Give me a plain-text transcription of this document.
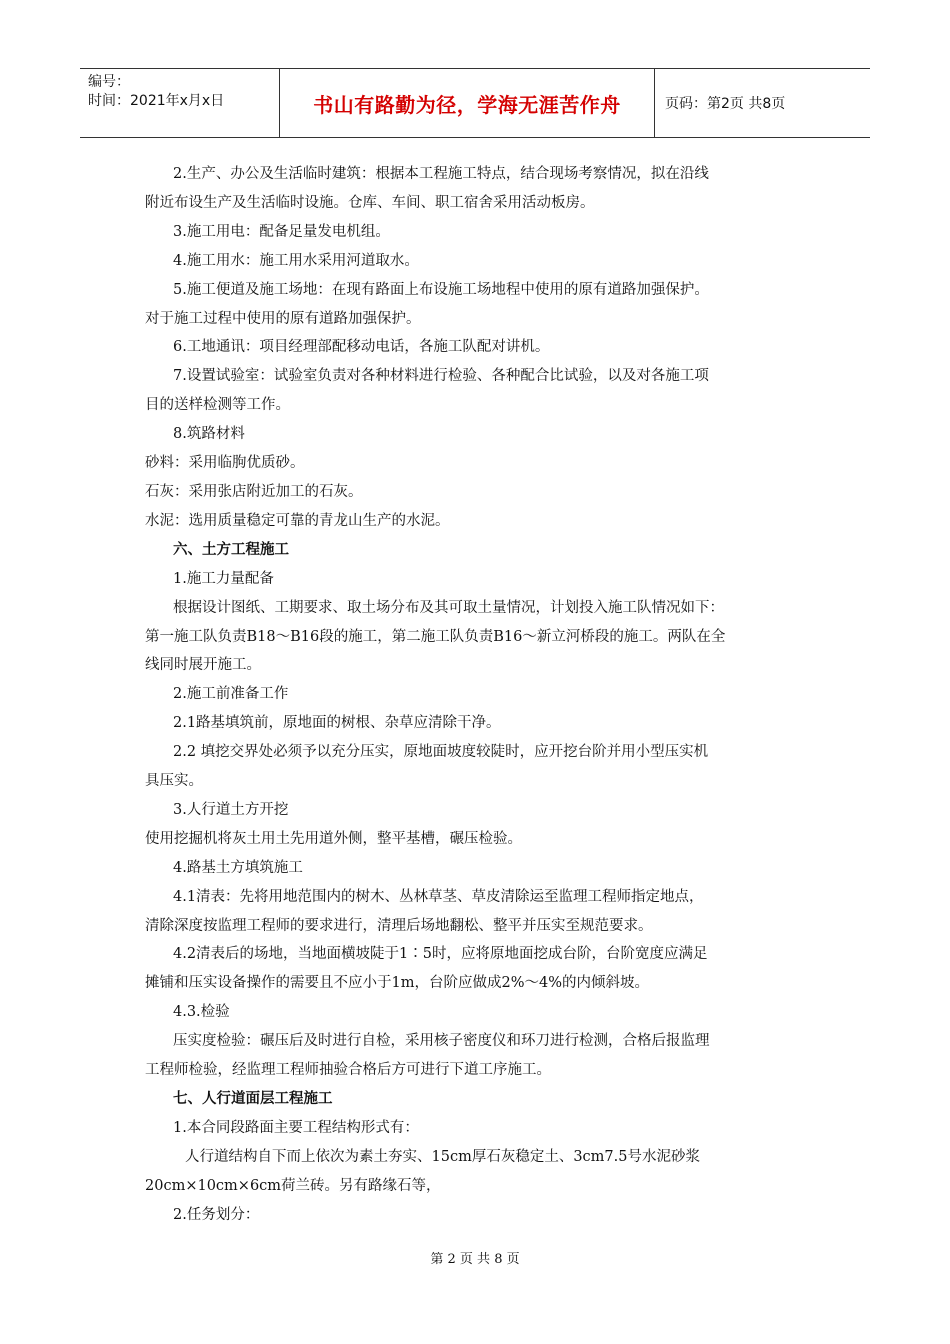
编号：
时间：2021年x月x日	书山有路勤为径，学海无涯苦作舟	页码：第2页 共8页

2.生产、办公及生活临时建筑：根据本工程施工特点，结合现场考察情况，拟在沿线

附近布设生产及生活临时设施。仓库、车间、职工宿舍采用活动板房。

3.施工用电：配备足量发电机组。

4.施工用水：施工用水采用河道取水。

5.施工便道及施工场地：在现有路面上布设施工场地程中使用的原有道路加强保护。

对于施工过程中使用的原有道路加强保护。

6.工地通讯：项目经理部配移动电话，各施工队配对讲机。

7.设置试验室：试验室负责对各种材料进行检验、各种配合比试验，以及对各施工项

目的送样检测等工作。

8.筑路材料

砂料：采用临朐优质砂。

石灰：采用张店附近加工的石灰。

水泥：选用质量稳定可靠的青龙山生产的水泥。

六、土方工程施工

1.施工力量配备

根据设计图纸、工期要求、取土场分布及其可取土量情况，计划投入施工队情况如下：

第一施工队负责B18～B16段的施工，第二施工队负责B16～新立河桥段的施工。两队在全

线同时展开施工。

2.施工前准备工作

2.1路基填筑前，原地面的树根、杂草应清除干净。

2.2 填挖交界处必须予以充分压实，原地面坡度较陡时，应开挖台阶并用小型压实机

具压实。

3.人行道土方开挖

使用挖掘机将灰土用土先用道外侧，整平基槽，碾压检验。

4.路基土方填筑施工

4.1清表：先将用地范围内的树木、丛林草茎、草皮清除运至监理工程师指定地点，

清除深度按监理工程师的要求进行，清理后场地翻松、整平并压实至规范要求。

4.2清表后的场地，当地面横坡陡于1∶5时，应将原地面挖成台阶，台阶宽度应满足

摊铺和压实设备操作的需要且不应小于1m，台阶应做成2%～4%的内倾斜坡。

4.3.检验

压实度检验：碾压后及时进行自检，采用核子密度仪和环刀进行检测，合格后报监理

工程师检验，经监理工程师抽验合格后方可进行下道工序施工。

七、人行道面层工程施工

1.本合同段路面主要工程结构形式有：

人行道结构自下而上依次为素土夯实、15cm厚石灰稳定土、3cm7.5号水泥砂浆

20cm×10cm×6cm荷兰砖。另有路缘石等，

2.任务划分：

第 2 页 共 8 页
